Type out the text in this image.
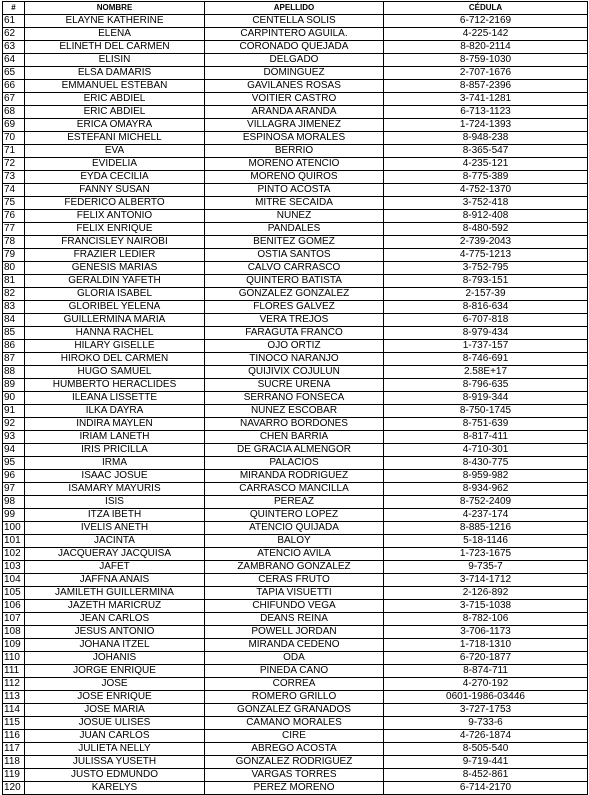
#	NOMBRE	APELLIDO	CÉDULA
61	ELAYNE KATHERINE	CENTELLA SOLIS	6-712-2169
62	ELENA	CARPINTERO AGUILA.	4-225-142
63	ELINETH DEL CARMEN	CORONADO QUEJADA	8-820-2114
64	ELISIN	DELGADO	8-759-1030
65	ELSA DAMARIS	DOMINGUEZ	2-707-1676
66	EMMANUEL ESTEBAN	GAVILANES ROSAS	8-857-2396
67	ERIC ABDIEL	VOITIER CASTRO	3-741-1281
68	ERIC ABDIEL	ARANDA ARANDA	6-713-1123
69	ERICA OMAYRA	VILLAGRA JIMENEZ	1-724-1393
70	ESTEFANI MICHELL	ESPINOSA MORALES	8-948-238
71	EVA	BERRIO	8-365-547
72	EVIDELIA	MORENO ATENCIO	4-235-121
73	EYDA CECILIA	MORENO QUIROS	8-775-389
74	FANNY SUSAN	PINTO ACOSTA	4-752-1370
75	FEDERICO ALBERTO	MITRE SECAIDA	3-752-418
76	FELIX ANTONIO	NUNEZ	8-912-408
77	FELIX ENRIQUE	PANDALES	8-480-592
78	FRANCISLEY NAIROBI	BENITEZ GOMEZ	2-739-2043
79	FRAZIER LEDIER	OSTIA SANTOS	4-775-1213
80	GENESIS MARIAS	CALVO CARRASCO	3-752-795
81	GERALDIN YAFETH	QUINTERO BATISTA	8-793-151
82	GLORIA ISABEL	GONZALEZ GONZALEZ	2-157-39
83	GLORIBEL YELENA	FLORES GALVEZ	8-816-634
84	GUILLERMINA MARIA	VERA TREJOS	6-707-818
85	HANNA RACHEL	FARAGUTA FRANCO	8-979-434
86	HILARY GISELLE	OJO ORTIZ	1-737-157
87	HIROKO DEL CARMEN	TINOCO NARANJO	8-746-691
88	HUGO SAMUEL	QUIJIVIX COJULUN	2.58E+17
89	HUMBERTO HERACLIDES	SUCRE URENA	8-796-635
90	ILEANA LISSETTE	SERRANO FONSECA	8-919-344
91	ILKA DAYRA	NUNEZ ESCOBAR	8-750-1745
92	INDIRA MAYLEN	NAVARRO BORDONES	8-751-639
93	IRIAM LANETH	CHEN BARRIA	8-817-411
94	IRIS PRICILLA	DE GRACIA ALMENGOR	4-710-301
95	IRMA	PALACIOS	8-430-775
96	ISAAC JOSUE	MIRANDA RODRIGUEZ	8-959-982
97	ISAMARY MAYURIS	CARRASCO MANCILLA	8-934-962
98	ISIS	PEREAZ	8-752-2409
99	ITZA IBETH	QUINTERO LOPEZ	4-237-174
100	IVELIS ANETH	ATENCIO QUIJADA	8-885-1216
101	JACINTA	BALOY	5-18-1146
102	JACQUERAY JACQUISA	ATENCIO AVILA	1-723-1675
103	JAFET	ZAMBRANO GONZALEZ	9-735-7
104	JAFFNA ANAIS	CERAS FRUTO	3-714-1712
105	JAMILETH GUILLERMINA	TAPIA VISUETTI	2-126-892
106	JAZETH MARICRUZ	CHIFUNDO VEGA	3-715-1038
107	JEAN CARLOS	DEANS REINA	8-782-106
108	JESUS ANTONIO	POWELL JORDAN	3-706-1173
109	JOHANA ITZEL	MIRANDA CEDENO	1-718-1310
110	JOHANIS	ODA	6-720-1877
111	JORGE ENRIQUE	PINEDA CANO	8-874-711
112	JOSE	CORREA	4-270-192
113	JOSE ENRIQUE	ROMERO GRILLO	0601-1986-03446
114	JOSE MARIA	GONZALEZ GRANADOS	3-727-1753
115	JOSUE ULISES	CAMANO MORALES	9-733-6
116	JUAN CARLOS	CIRE	4-726-1874
117	JULIETA NELLY	ABREGO ACOSTA	8-505-540
118	JULISSA YUSETH	GONZALEZ RODRIGUEZ	9-719-441
119	JUSTO EDMUNDO	VARGAS TORRES	8-452-861
120	KARELYS	PEREZ MORENO	6-714-2170
